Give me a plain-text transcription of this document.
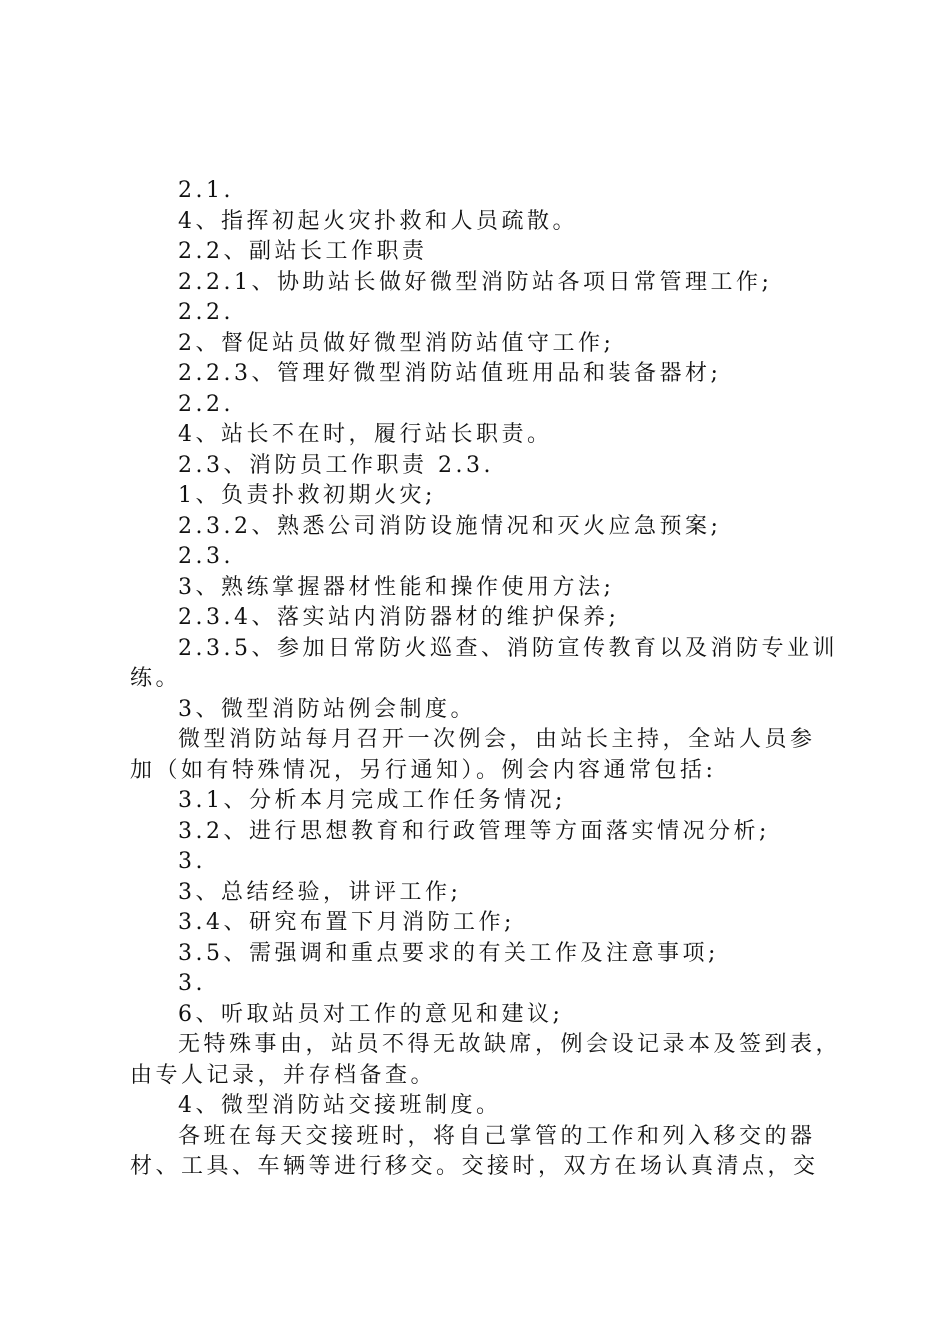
2.1.
4、指挥初起火灾扑救和人员疏散。
2.2、副站长工作职责
2.2.1、协助站长做好微型消防站各项日常管理工作;
2.2.
2、督促站员做好微型消防站值守工作;
2.2.3、管理好微型消防站值班用品和装备器材;
2.2.
4、站长不在时，履行站长职责。
2.3、消防员工作职责 2.3.
1、负责扑救初期火灾;
2.3.2、熟悉公司消防设施情况和灭火应急预案;
2.3.
3、熟练掌握器材性能和操作使用方法;
2.3.4、落实站内消防器材的维护保养;
2.3.5、参加日常防火巡查、消防宣传教育以及消防专业训
练。
3、微型消防站例会制度。
微型消防站每月召开一次例会，由站长主持，全站人员参
加（如有特殊情况，另行通知）。例会内容通常包括:
3.1、分析本月完成工作任务情况;
3.2、进行思想教育和行政管理等方面落实情况分析;
3.
3、总结经验，讲评工作;
3.4、研究布置下月消防工作;
3.5、需强调和重点要求的有关工作及注意事项;
3.
6、听取站员对工作的意见和建议;
无特殊事由，站员不得无故缺席，例会设记录本及签到表，
由专人记录，并存档备查。
4、微型消防站交接班制度。
各班在每天交接班时，将自己掌管的工作和列入移交的器
材、工具、车辆等进行移交。交接时，双方在场认真清点，交
